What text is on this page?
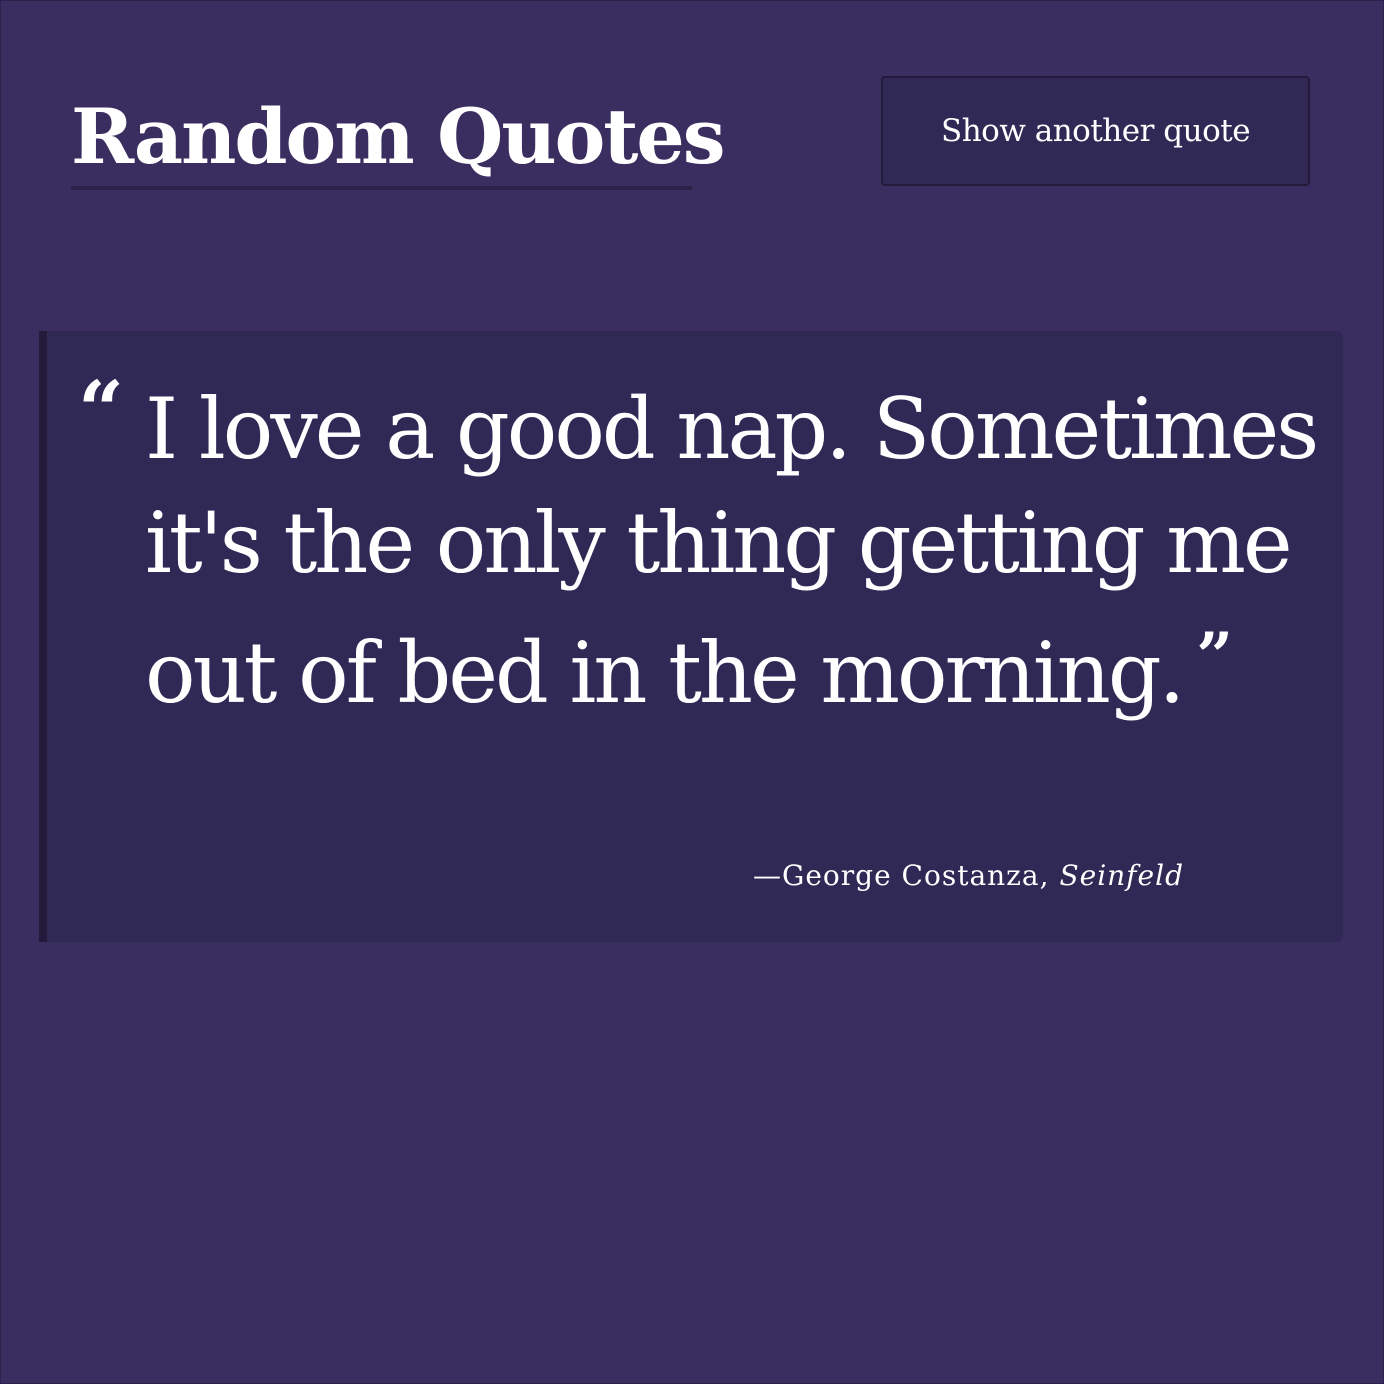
Random Quotes	Show another quote
“ I love a good nap. Sometimes it's the only thing getting me out of bed in the morning. ”

—George Costanza, Seinfeld
